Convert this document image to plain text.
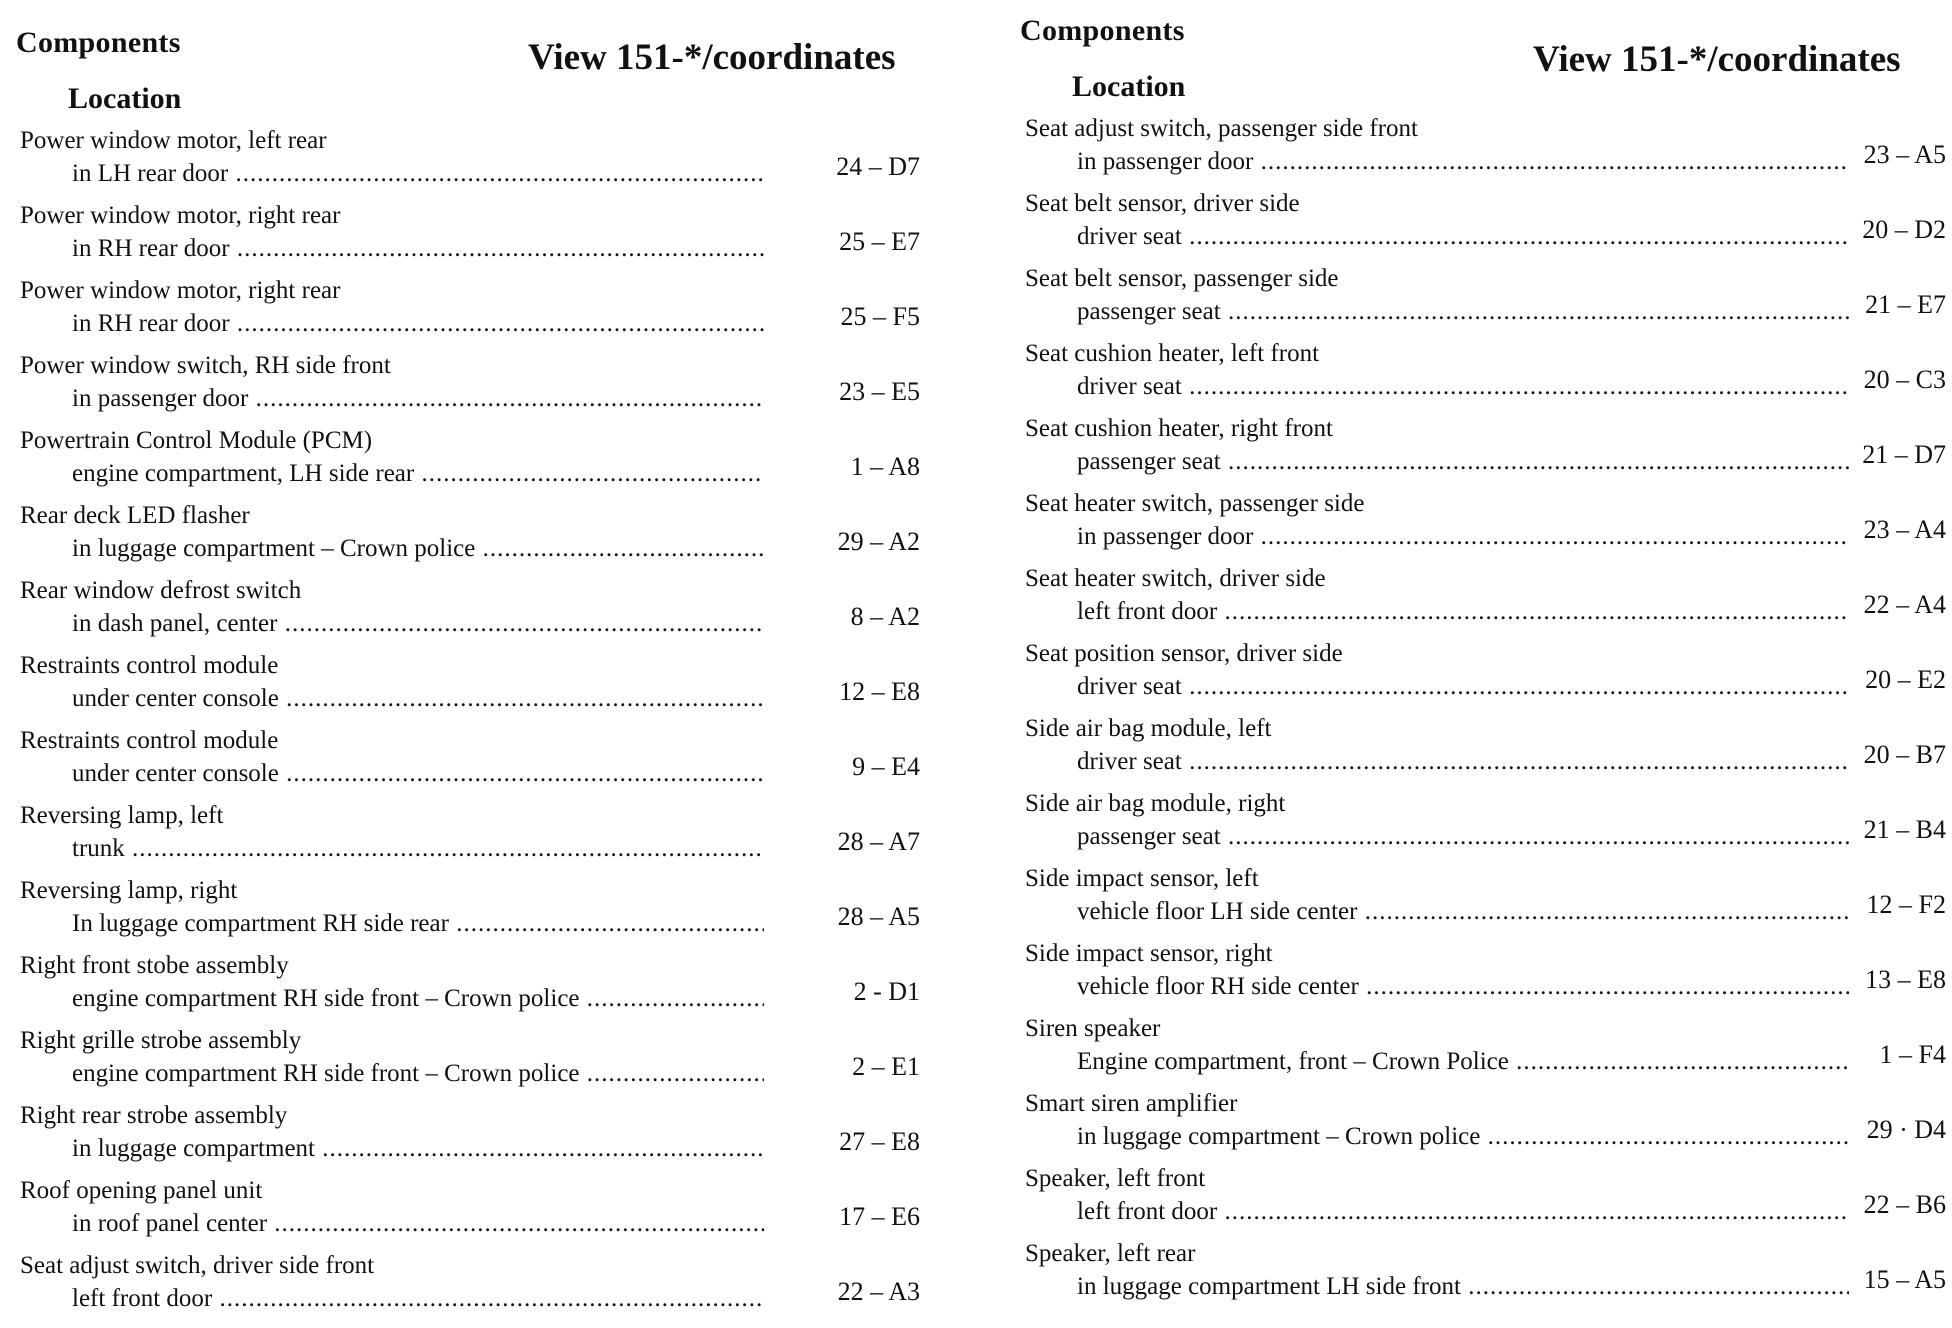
Components
Location
View 151-*/coordinates
Power window motor, left rear
in LH rear door .....	24 – D7
Power window motor, right rear
in RH rear door .....	25 – E7
Power window motor, right rear
in RH rear door .....	25 – F5
Power window switch, RH side front
in passenger door .....	23 – E5
Powertrain Control Module (PCM)
engine compartment, LH side rear .....	1 – A8
Rear deck LED flasher
in luggage compartment – Crown police .....	29 – A2
Rear window defrost switch
in dash panel, center .....	8 – A2
Restraints control module
under center console .....	12 – E8
Restraints control module
under center console .....	9 – E4
Reversing lamp, left
trunk .....	28 – A7
Reversing lamp, right
In luggage compartment RH side rear .....	28 – A5
Right front stobe assembly
engine compartment RH side front – Crown police .....	2 - D1
Right grille strobe assembly
engine compartment RH side front – Crown police .....	2 – E1
Right rear strobe assembly
in luggage compartment .....	27 – E8
Roof opening panel unit
in roof panel center .....	17 – E6
Seat adjust switch, driver side front
left front door .....	22 – A3
Components
Location
View 151-*/coordinates
Seat adjust switch, passenger side front
in passenger door .....	23 – A5
Seat belt sensor, driver side
driver seat .....	20 – D2
Seat belt sensor, passenger side
passenger seat .....	21 – E7
Seat cushion heater, left front
driver seat .....	20 – C3
Seat cushion heater, right front
passenger seat .....	21 – D7
Seat heater switch, passenger side
in passenger door .....	23 – A4
Seat heater switch, driver side
left front door .....	22 – A4
Seat position sensor, driver side
driver seat .....	20 – E2
Side air bag module, left
driver seat .....	20 – B7
Side air bag module, right
passenger seat .....	21 – B4
Side impact sensor, left
vehicle floor LH side center .....	12 – F2
Side impact sensor, right
vehicle floor RH side center .....	13 – E8
Siren speaker
Engine compartment, front – Crown Police .....	1 – F4
Smart siren amplifier
in luggage compartment – Crown police .....	29 · D4
Speaker, left front
left front door .....	22 – B6
Speaker, left rear
in luggage compartment LH side front .....	15 – A5
